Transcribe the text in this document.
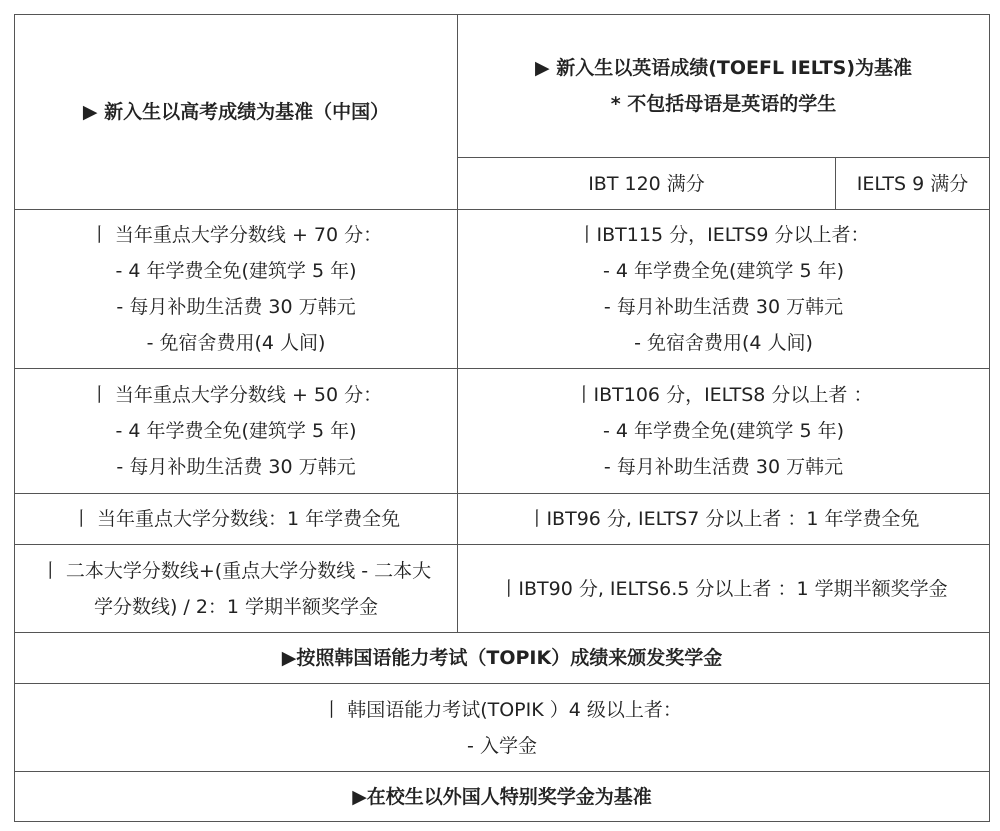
▶ 新入生以高考成绩为基准（中国）	▶ 新入生以英语成绩(TOEFL IELTS)为基准
* 不包括母语是英语的学生	

	IBT 120 满分	IELTS 9 满分

丨 当年重点大学分数线 + 70 分：
- 4 年学费全免(建筑学 5 年)
- 每月补助生活费 30 万韩元
- 免宿舍费用(4 人间)	丨IBT115 分，IELTS9 分以上者：
- 4 年学费全免(建筑学 5 年)
- 每月补助生活费 30 万韩元
- 免宿舍费用(4 人间)	

丨 当年重点大学分数线 + 50 分：
- 4 年学费全免(建筑学 5 年)
- 每月补助生活费 30 万韩元	丨IBT106 分，IELTS8 分以上者 ：
- 4 年学费全免(建筑学 5 年)
- 每月补助生活费 30 万韩元	

丨 当年重点大学分数线：1 年学费全免	丨IBT96 分, IELTS7 分以上者 ：1 年学费全免	

丨 二本大学分数线+(重点大学分数线 - 二本大
学分数线) / 2：1 学期半额奖学金	丨IBT90 分, IELTS6.5 分以上者 ：1 学期半额奖学金	

▶按照韩国语能力考试（TOPIK）成绩来颁发奖学金		

丨 韩国语能力考试(TOPIK ）4 级以上者：
- 入学金		

▶在校生以外国人特别奖学金为基准		
